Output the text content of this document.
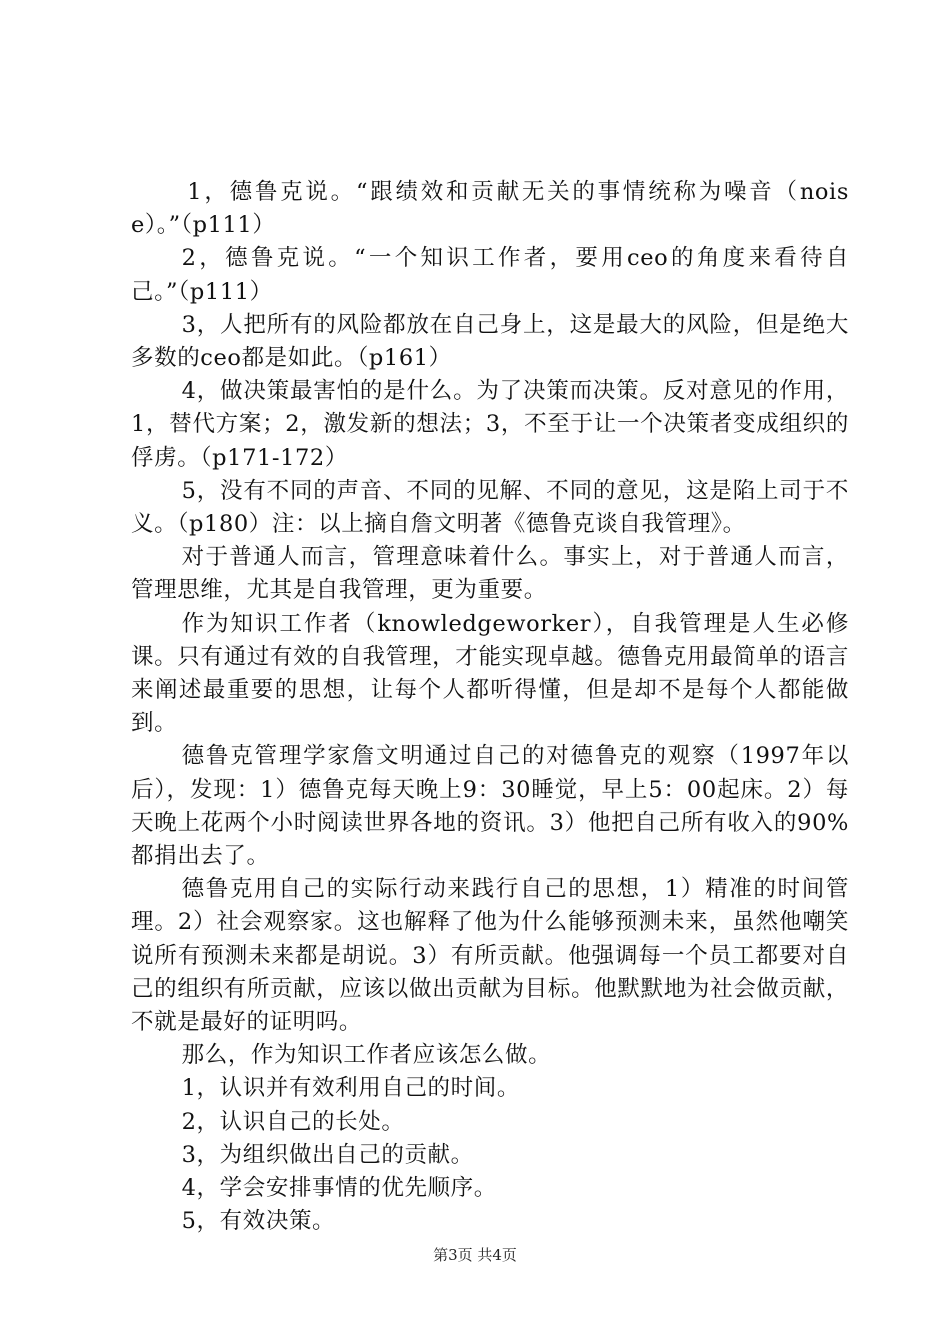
1，德鲁克说。“跟绩效和贡献无关的事情统称为噪音（noise）。”（p111）

2，德鲁克说。“一个知识工作者，要用ceo的角度来看待自己。”（p111）

3，人把所有的风险都放在自己身上，这是最大的风险，但是绝大多数的ceo都是如此。（p161）

4，做决策最害怕的是什么。为了决策而决策。反对意见的作用，1，替代方案；2，激发新的想法；3，不至于让一个决策者变成组织的俘虏。（p171-172）

5，没有不同的声音、不同的见解、不同的意见，这是陷上司于不义。（p180）注：以上摘自詹文明著《德鲁克谈自我管理》。

对于普通人而言，管理意味着什么。事实上，对于普通人而言，管理思维，尤其是自我管理，更为重要。

作为知识工作者（knowledgeworker），自我管理是人生必修课。只有通过有效的自我管理，才能实现卓越。德鲁克用最简单的语言来阐述最重要的思想，让每个人都听得懂，但是却不是每个人都能做到。

德鲁克管理学家詹文明通过自己的对德鲁克的观察（1997年以后），发现：1）德鲁克每天晚上9：30睡觉，早上5：00起床。2）每天晚上花两个小时阅读世界各地的资讯。3）他把自己所有收入的90%都捐出去了。

德鲁克用自己的实际行动来践行自己的思想，1）精准的时间管理。2）社会观察家。这也解释了他为什么能够预测未来，虽然他嘲笑说所有预测未来都是胡说。3）有所贡献。他强调每一个员工都要对自己的组织有所贡献，应该以做出贡献为目标。他默默地为社会做贡献，不就是最好的证明吗。

那么，作为知识工作者应该怎么做。

1，认识并有效利用自己的时间。

2，认识自己的长处。

3，为组织做出自己的贡献。

4，学会安排事情的优先顺序。

5，有效决策。

第3页 共4页
